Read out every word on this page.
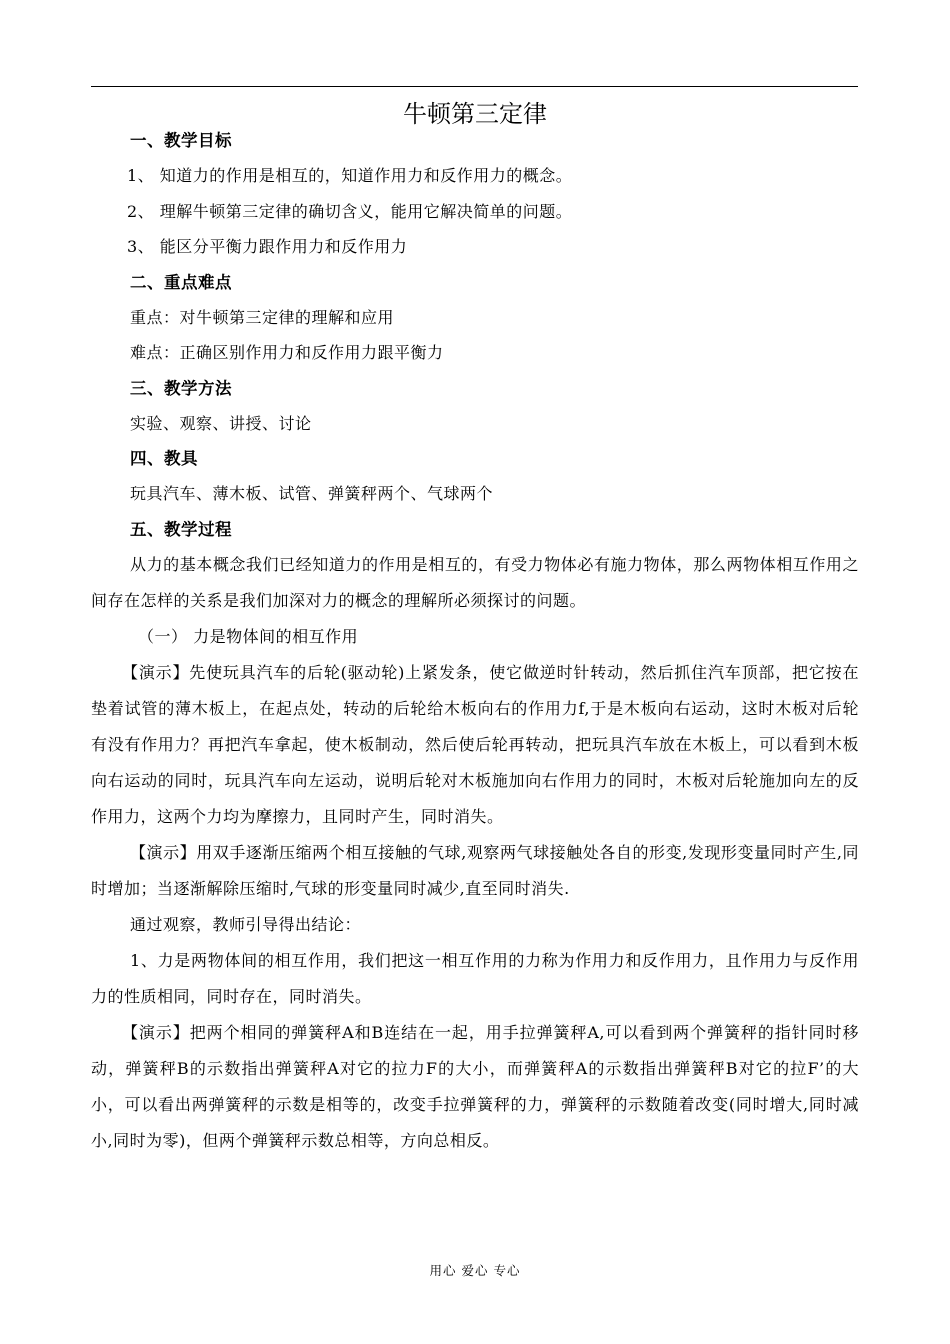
牛顿第三定律
一、教学目标
1、 知道力的作用是相互的，知道作用力和反作用力的概念。
2、 理解牛顿第三定律的确切含义，能用它解决简单的问题。
3、 能区分平衡力跟作用力和反作用力
二、重点难点
重点：对牛顿第三定律的理解和应用
难点：正确区别作用力和反作用力跟平衡力
三、教学方法
实验、观察、讲授、讨论
四、教具
玩具汽车、薄木板、试管、弹簧秤两个、气球两个
五、教学过程
从力的基本概念我们已经知道力的作用是相互的，有受力物体必有施力物体，那么两物体相互作用之间存在怎样的关系是我们加深对力的概念的理解所必须探讨的问题。
（一） 力是物体间的相互作用
【演示】先使玩具汽车的后轮(驱动轮)上紧发条，使它做逆时针转动，然后抓住汽车顶部，把它按在垫着试管的薄木板上，在起点处，转动的后轮给木板向右的作用力f,于是木板向右运动，这时木板对后轮有没有作用力？再把汽车拿起，使木板制动，然后使后轮再转动，把玩具汽车放在木板上，可以看到木板向右运动的同时，玩具汽车向左运动，说明后轮对木板施加向右作用力的同时，木板对后轮施加向左的反作用力，这两个力均为摩擦力，且同时产生，同时消失。
【演示】用双手逐渐压缩两个相互接触的气球,观察两气球接触处各自的形变,发现形变量同时产生,同时增加；当逐渐解除压缩时,气球的形变量同时减少,直至同时消失.
通过观察，教师引导得出结论：
1、力是两物体间的相互作用，我们把这一相互作用的力称为作用力和反作用力，且作用力与反作用力的性质相同，同时存在，同时消失。
【演示】把两个相同的弹簧秤A和B连结在一起，用手拉弹簧秤A,可以看到两个弹簧秤的指针同时移动，弹簧秤B的示数指出弹簧秤A对它的拉力F的大小，而弹簧秤A的示数指出弹簧秤B对它的拉F’的大小，可以看出两弹簧秤的示数是相等的，改变手拉弹簧秤的力，弹簧秤的示数随着改变(同时增大,同时减小,同时为零)，但两个弹簧秤示数总相等，方向总相反。
用心 爱心 专心
